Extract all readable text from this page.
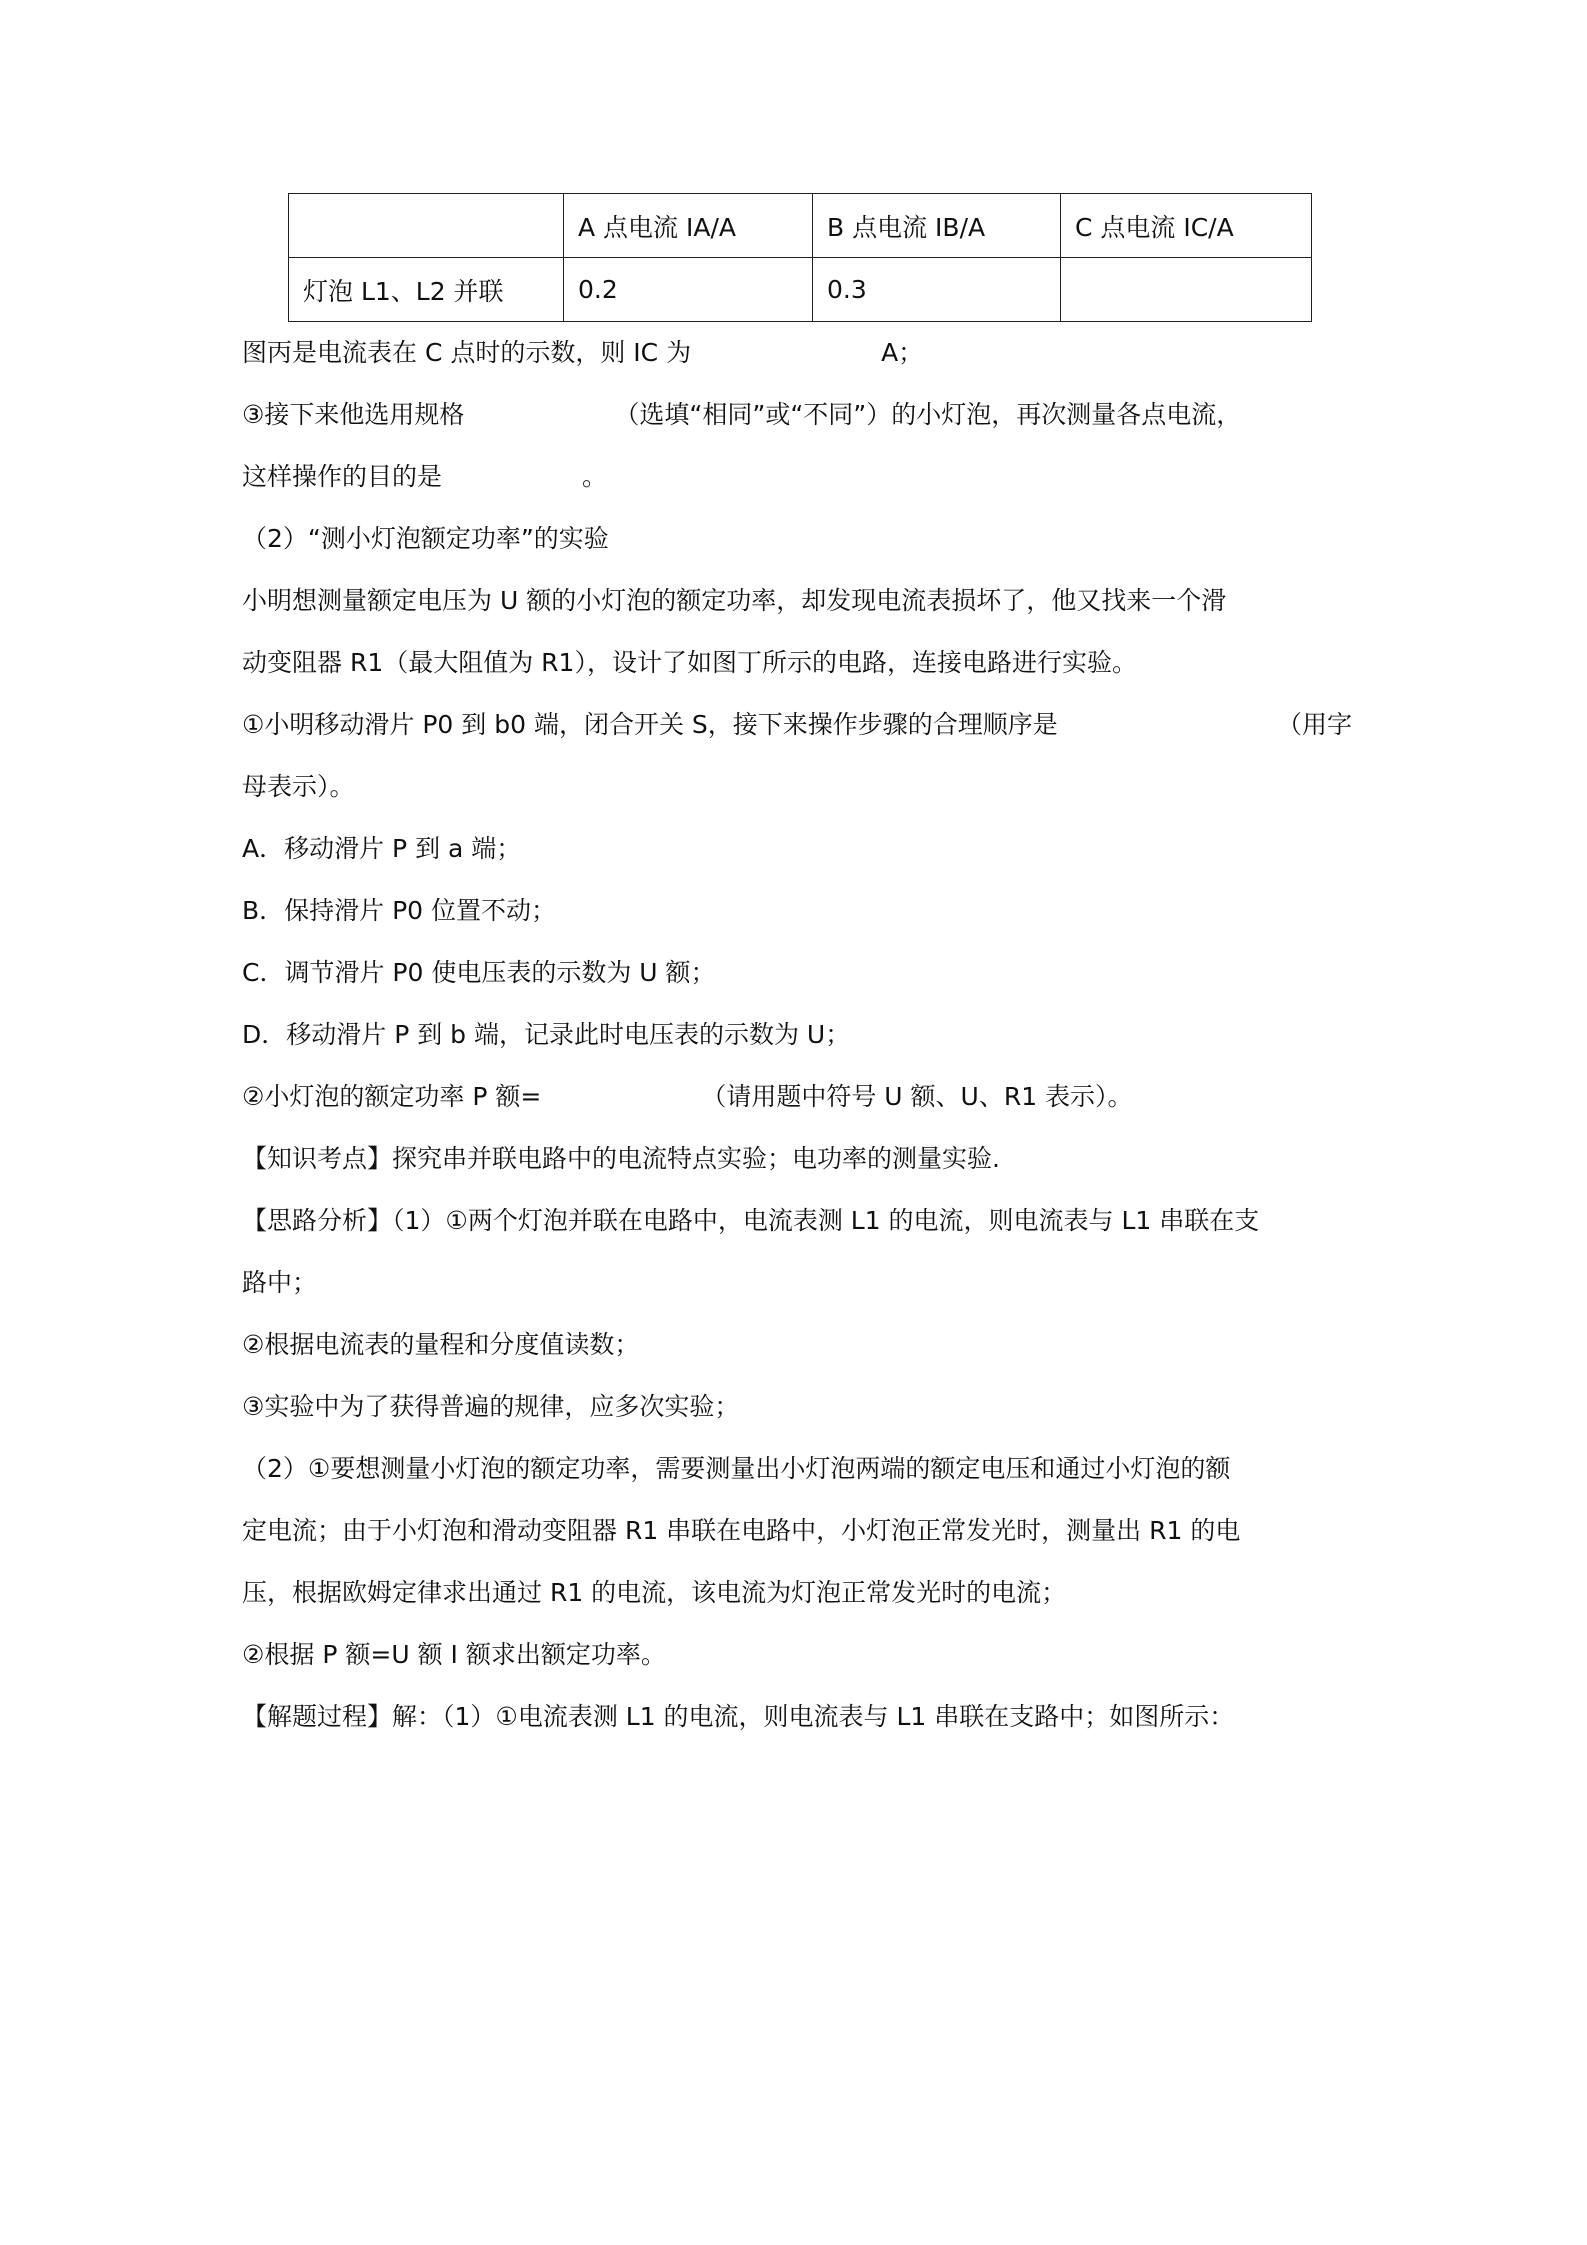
	A 点电流 IA/A	B 点电流 IB/A	C 点电流 IC/A
灯泡 L1、L2 并联	0.2	0.3	
图丙是电流表在 C 点时的示数，则 IC 为	A；
③接下来他选用规格	（选填“相同”或“不同”）的小灯泡，再次测量各点电流，
这样操作的目的是	。
（2）“测小灯泡额定功率”的实验
小明想测量额定电压为 U 额的小灯泡的额定功率，却发现电流表损坏了，他又找来一个滑
动变阻器 R1（最大阻值为 R1），设计了如图丁所示的电路，连接电路进行实验。
①小明移动滑片 P0 到 b0 端，闭合开关 S，接下来操作步骤的合理顺序是	（用字
母表示）。
A．移动滑片 P 到 a 端；
B．保持滑片 P0 位置不动；
C．调节滑片 P0 使电压表的示数为 U 额；
D．移动滑片 P 到 b 端，记录此时电压表的示数为 U；
②小灯泡的额定功率 P 额=	（请用题中符号 U 额、U、R1 表示）。
【知识考点】探究串并联电路中的电流特点实验；电功率的测量实验.
【思路分析】（1）①两个灯泡并联在电路中，电流表测 L1 的电流，则电流表与 L1 串联在支
路中；
②根据电流表的量程和分度值读数；
③实验中为了获得普遍的规律，应多次实验；
（2）①要想测量小灯泡的额定功率，需要测量出小灯泡两端的额定电压和通过小灯泡的额
定电流；由于小灯泡和滑动变阻器 R1 串联在电路中，小灯泡正常发光时，测量出 R1 的电
压，根据欧姆定律求出通过 R1 的电流，该电流为灯泡正常发光时的电流；
②根据 P 额=U 额 I 额求出额定功率。
【解题过程】解：（1）①电流表测 L1 的电流，则电流表与 L1 串联在支路中；如图所示：
